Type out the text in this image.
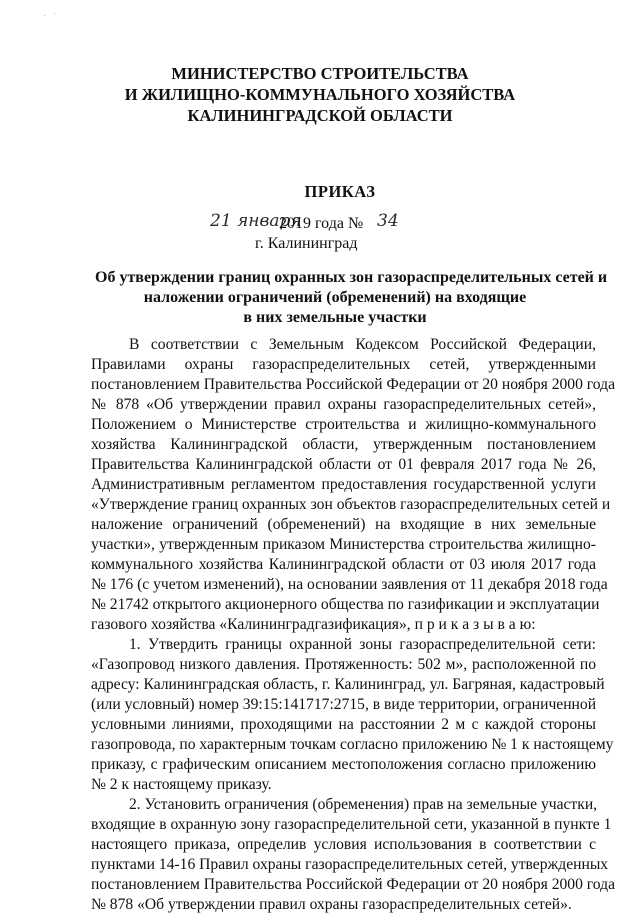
. ·
МИНИСТЕРСТВО СТРОИТЕЛЬСТВА
И ЖИЛИЩНО-КОММУНАЛЬНОГО ХОЗЯЙСТВА
КАЛИНИНГРАДСКОЙ ОБЛАСТИ
ПРИКАЗ
21 января
2019 года № 34
г. Калининград
Об утверждении границ охранных зон газораспределительных сетей и
наложении ограничений (обременений) на входящие
в них земельные участки

В соответствии с Земельным Кодексом Российской Федерации,
Правилами охраны газораспределительных сетей, утвержденными
постановлением Правительства Российской Федерации от 20 ноября 2000 года
№ 878 «Об утверждении правил охраны газораспределительных сетей»,
Положением о Министерстве строительства и жилищно-коммунального
хозяйства Калининградской области, утвержденным постановлением
Правительства Калининградской области от 01 февраля 2017 года № 26,
Административным регламентом предоставления государственной услуги
«Утверждение границ охранных зон объектов газораспределительных сетей и
наложение ограничений (обременений) на входящие в них земельные
участки», утвержденным приказом Министерства строительства жилищно-
коммунального хозяйства Калининградской области от 03 июля 2017 года
№ 176 (с учетом изменений), на основании заявления от 11 декабря 2018 года
№ 21742 открытого акционерного общества по газификации и эксплуатации
газового хозяйства «Калининградгазификация», п р и к а з ы в а ю:

1. Утвердить границы охранной зоны газораспределительной сети:
«Газопровод низкого давления. Протяженность: 502 м», расположенной по
адресу: Калининградская область, г. Калининград, ул. Багряная, кадастровый
(или условный) номер 39:15:141717:2715, в виде территории, ограниченной
условными линиями, проходящими на расстоянии 2 м с каждой стороны
газопровода, по характерным точкам согласно приложению № 1 к настоящему
приказу, с графическим описанием местоположения согласно приложению
№ 2 к настоящему приказу.

2. Установить ограничения (обременения) прав на земельные участки,
входящие в охранную зону газораспределительной сети, указанной в пункте 1
настоящего приказа, определив условия использования в соответствии с
пунктами 14-16 Правил охраны газораспределительных сетей, утвержденных
постановлением Правительства Российской Федерации от 20 ноября 2000 года
№ 878 «Об утверждении правил охраны газораспределительных сетей».
